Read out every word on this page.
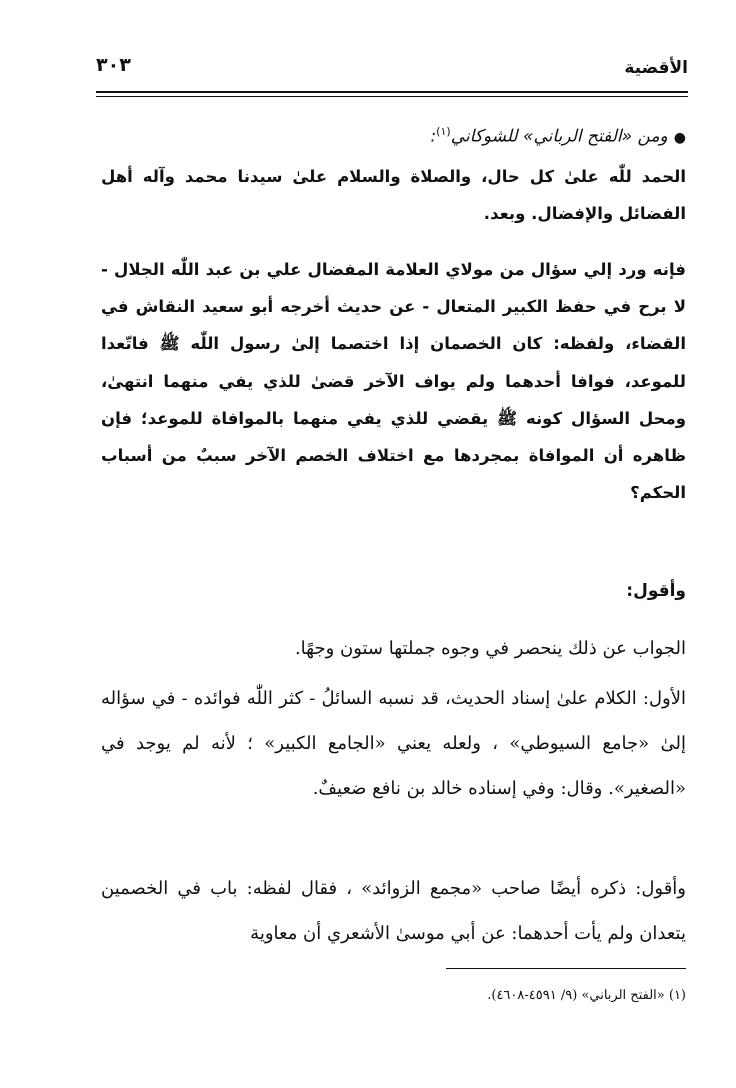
الأقضية
٣٠٣
●ومن «الفتح الرباني» للشوكاني$^{(١)}$:
الحمد للّٰه علىٰ كل حال، والصلاة والسلام علىٰ سيدنا محمد وآله أهل الفضائل والإفضال. وبعد.
فإنه ورد إلي سؤال من مولاي العلامة المفضال علي بن عبد اللّٰه الجلال - لا برح في حفظ الكبير المتعال - عن حديث أخرجه أبو سعيد النقاش في القضاء، ولفظه: كان الخصمان إذا اختصما إلىٰ رسول اللّٰه ﷺ فاتّعدا للموعد، فوافا أحدهما ولم يواف الآخر قضىٰ للذي يفي منهما انتهىٰ، ومحل السؤال كونه ﷺ يقضي للذي يفي منهما بالموافاة للموعد؛ فإن ظاهره أن الموافاة بمجردها مع اختلاف الخصم الآخر سببٌ من أسباب الحكم؟
وأقول:
الجواب عن ذلك ينحصر في وجوه جملتها ستون وجهًا.
الأول: الكلام علىٰ إسناد الحديث، قد نسبه السائلُ - كثر اللّٰه فوائده - في سؤاله إلىٰ «جامع السيوطي» ، ولعله يعني «الجامع الكبير» ؛ لأنه لم يوجد في «الصغير». وقال: وفي إسناده خالد بن نافع ضعيفٌ.
وأقول: ذكره أيضًا صاحب «مجمع الزوائد» ، فقال لفظه: باب في الخصمين يتعدان ولم يأت أحدهما: عن أبي موسىٰ الأشعري أن معاوية
(١) «الفتح الرباني» (٩/ ٤٥٩١-٤٦٠٨).
